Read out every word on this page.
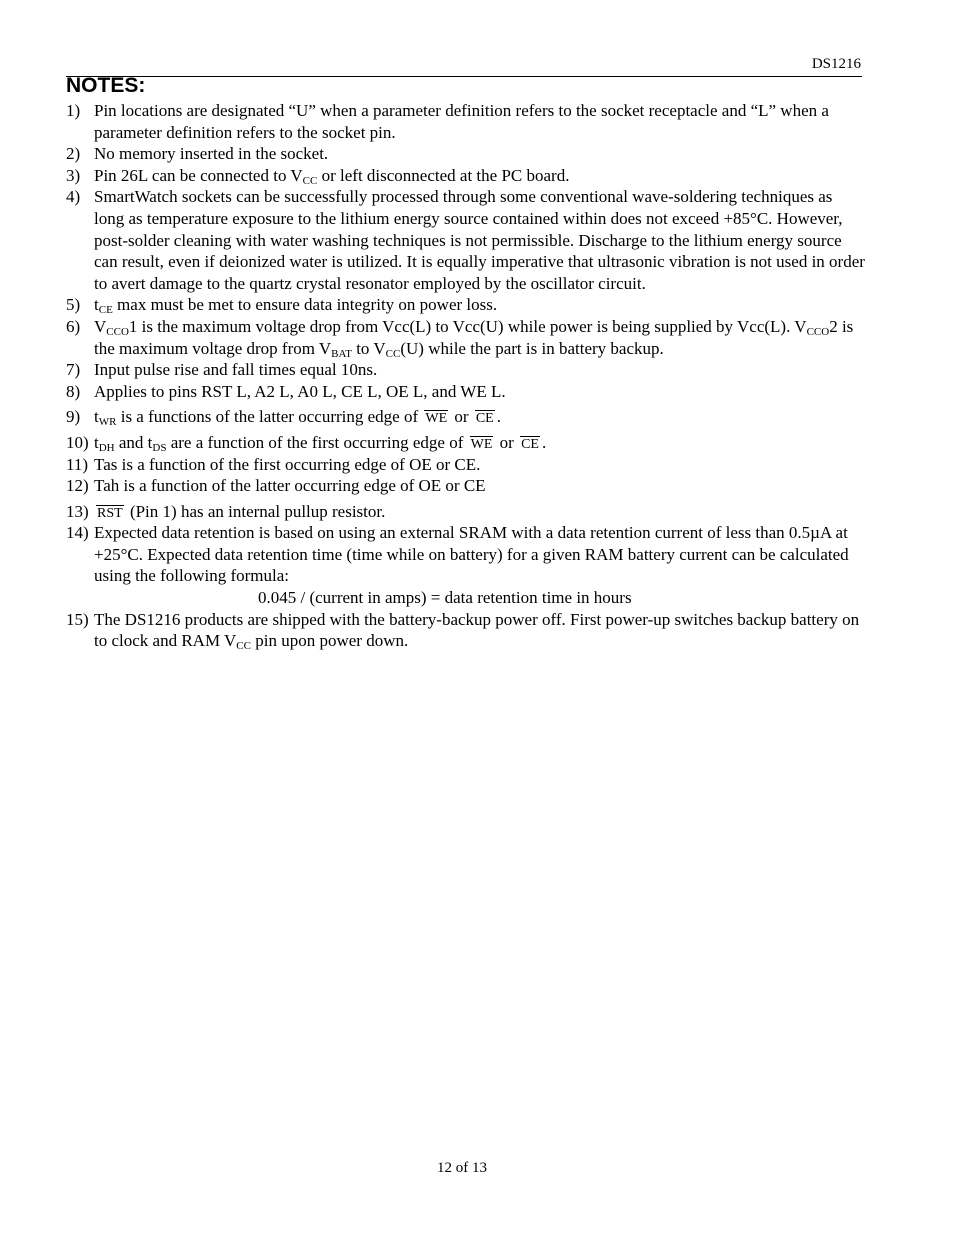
DS1216
NOTES:
1) Pin locations are designated “U” when a parameter definition refers to the socket receptacle and “L” when a parameter definition refers to the socket pin.
2) No memory inserted in the socket.
3) Pin 26L can be connected to $V_{CC}$ or left disconnected at the PC board.
4) SmartWatch sockets can be successfully processed through some conventional wave-soldering techniques as long as temperature exposure to the lithium energy source contained within does not exceed +85°C. However, post-solder cleaning with water washing techniques is not permissible. Discharge to the lithium energy source can result, even if deionized water is utilized. It is equally imperative that ultrasonic vibration is not used in order to avert damage to the quartz crystal resonator employed by the oscillator circuit.
5) $t_{CE}$ max must be met to ensure data integrity on power loss.
6) $V_{CCO}1$ is the maximum voltage drop from Vcc(L) to Vcc(U) while power is being supplied by Vcc(L). $V_{CCO}2$ is the maximum voltage drop from $V_{BAT}$ to $V_{CC}(U)$ while the part is in battery backup.
7) Input pulse rise and fall times equal 10ns.
8) Applies to pins RST L, A2 L, A0 L, CE L, OE L, and WE L.
9) $t_{WR}$ is a functions of the latter occurring edge of WE or CE .
10) $t_{DH}$ and $t_{DS}$ are a function of the first occurring edge of WE or CE .
11) Tas is a function of the first occurring edge of OE or CE.
12) Tah is a function of the latter occurring edge of OE or CE
13) RST (Pin 1) has an internal pullup resistor.
14) Expected data retention is based on using an external SRAM with a data retention current of less than 0.5µA at +25°C. Expected data retention time (time while on battery) for a given RAM battery current can be calculated using the following formula:
0.045 / (current in amps) = data retention time in hours
15) The DS1216 products are shipped with the battery-backup power off. First power-up switches backup battery on to clock and RAM $V_{CC}$ pin upon power down.
12 of 13
